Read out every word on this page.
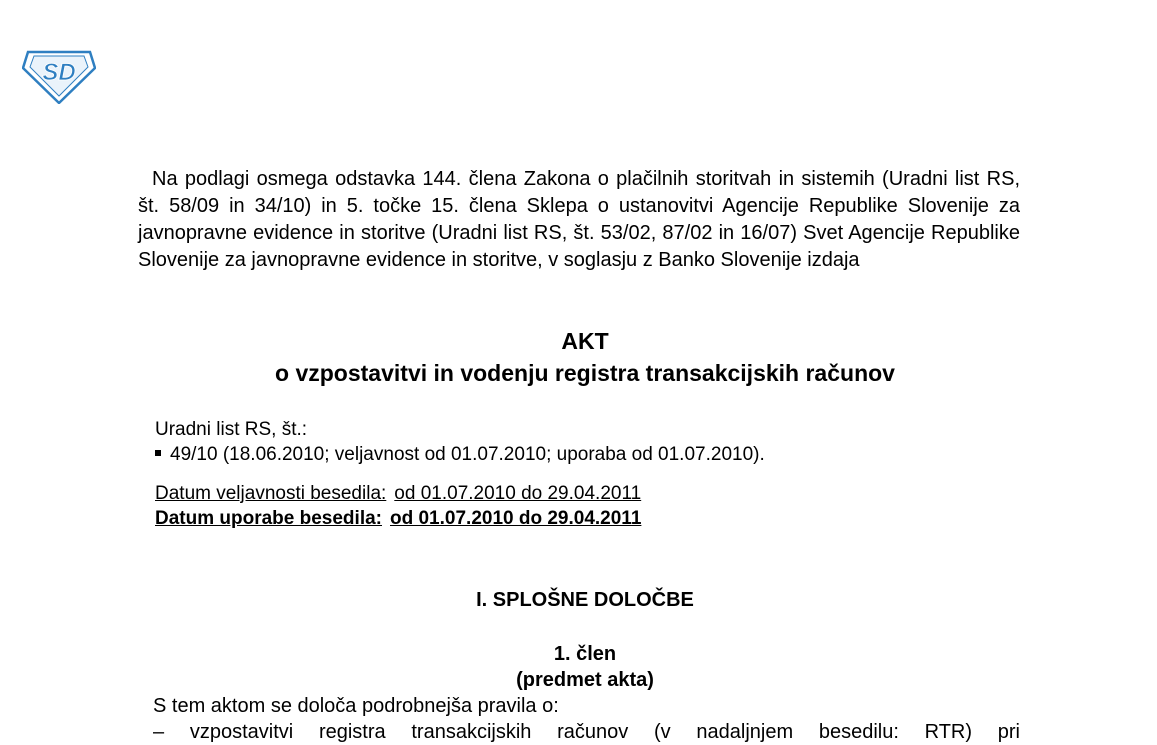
SD

Na podlagi osmega odstavka 144. člena Zakona o plačilnih storitvah in sistemih (Uradni list RS, št. 58/09 in 34/10) in 5. točke 15. člena Sklepa o ustanovitvi Agencije Republike Slovenije za javnopravne evidence in storitve (Uradni list RS, št. 53/02, 87/02 in 16/07) Svet Agencije Republike Slovenije za javnopravne evidence in storitve, v soglasju z Banko Slovenije izdaja

AKT

o vzpostavitvi in vodenju registra transakcijskih računov

Uradni list RS, št.:

49/10 (18.06.2010; veljavnost od 01.07.2010; uporaba od 01.07.2010).

Datum veljavnosti besedila: od 01.07.2010 do 29.04.2011

Datum uporabe besedila: od 01.07.2010 do 29.04.2011

I. SPLOŠNE DOLOČBE

1. člen

(predmet akta)

S tem aktom se določa podrobnejša pravila o:

– vzpostavitvi registra transakcijskih računov (v nadaljnjem besedilu: RTR) pri
